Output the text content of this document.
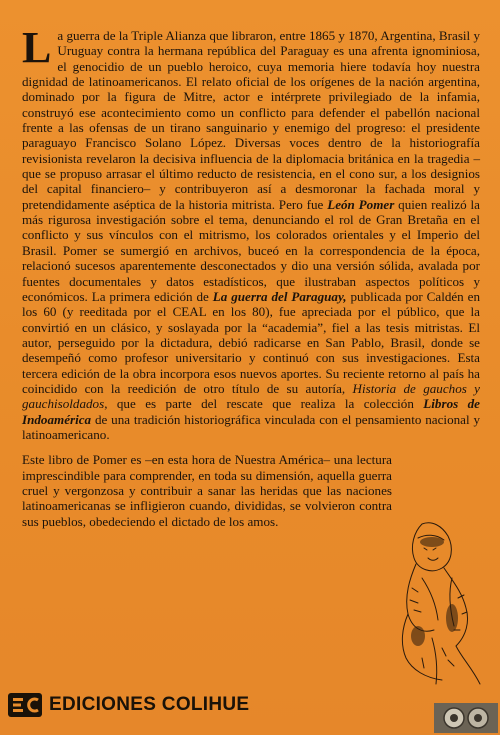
La guerra de la Triple Alianza que libraron, entre 1865 y 1870, Argentina, Brasil y Uruguay contra la hermana república del Paraguay es una afrenta ignominiosa, el genocidio de un pueblo heroico, cuya memoria hiere todavía hoy nuestra dignidad de latinoamericanos. El relato oficial de los orígenes de la nación argentina, dominado por la figura de Mitre, actor e intérprete privilegiado de la infamia, construyó ese acontecimiento como un conflicto para defender el pabellón nacional frente a las ofensas de un tirano sanguinario y enemigo del progreso: el presidente paraguayo Francisco Solano López. Diversas voces dentro de la historiografía revisionista revelaron la decisiva influencia de la diplomacia británica en la tragedia –que se propuso arrasar el último reducto de resistencia, en el cono sur, a los designios del capital financiero– y contribuyeron así a desmoronar la fachada moral y pretendidamente aséptica de la historia mitrista. Pero fue León Pomer quien realizó la más rigurosa investigación sobre el tema, denunciando el rol de Gran Bretaña en el conflicto y sus vínculos con el mitrismo, los colorados orientales y el Imperio del Brasil. Pomer se sumergió en archivos, buceó en la correspondencia de la época, relacionó sucesos aparentemente desconectados y dio una versión sólida, avalada por fuentes documentales y datos estadísticos, que ilustraban aspectos políticos y económicos. La primera edición de La guerra del Paraguay, publicada por Caldén en los 60 (y reeditada por el CEAL en los 80), fue apreciada por el público, que la convirtió en un clásico, y soslayada por la “academia”, fiel a las tesis mitristas. El autor, perseguido por la dictadura, debió radicarse en San Pablo, Brasil, donde se desempeñó como profesor universitario y continuó con sus investigaciones. Esta tercera edición de la obra incorpora esos nuevos aportes. Su reciente retorno al país ha coincidido con la reedición de otro título de su autoría, Historia de gauchos y gauchisoldados, que es parte del rescate que realiza la colección Libros de Indoamérica de una tradición historiográfica vinculada con el pensamiento nacional y latinoamericano.

Este libro de Pomer es –en esta hora de Nuestra América– una lectura imprescindible para comprender, en toda su dimensión, aquella guerra cruel y vergonzosa y contribuir a sanar las heridas que las naciones latinoamericanas se infligieron cuando, divididas, se volvieron contra sus pueblos, obedeciendo el dictado de los amos.

EDICIONES COLIHUE
